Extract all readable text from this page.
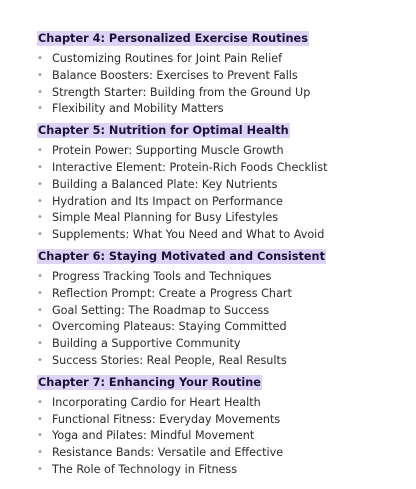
Chapter 4: Personalized Exercise Routines
• Customizing Routines for Joint Pain Relief
• Balance Boosters: Exercises to Prevent Falls
• Strength Starter: Building from the Ground Up
• Flexibility and Mobility Matters
Chapter 5: Nutrition for Optimal Health
• Protein Power: Supporting Muscle Growth
• Interactive Element: Protein-Rich Foods Checklist
• Building a Balanced Plate: Key Nutrients
• Hydration and Its Impact on Performance
• Simple Meal Planning for Busy Lifestyles
• Supplements: What You Need and What to Avoid
Chapter 6: Staying Motivated and Consistent
• Progress Tracking Tools and Techniques
• Reflection Prompt: Create a Progress Chart
• Goal Setting: The Roadmap to Success
• Overcoming Plateaus: Staying Committed
• Building a Supportive Community
• Success Stories: Real People, Real Results
Chapter 7: Enhancing Your Routine
• Incorporating Cardio for Heart Health
• Functional Fitness: Everyday Movements
• Yoga and Pilates: Mindful Movement
• Resistance Bands: Versatile and Effective
• The Role of Technology in Fitness
